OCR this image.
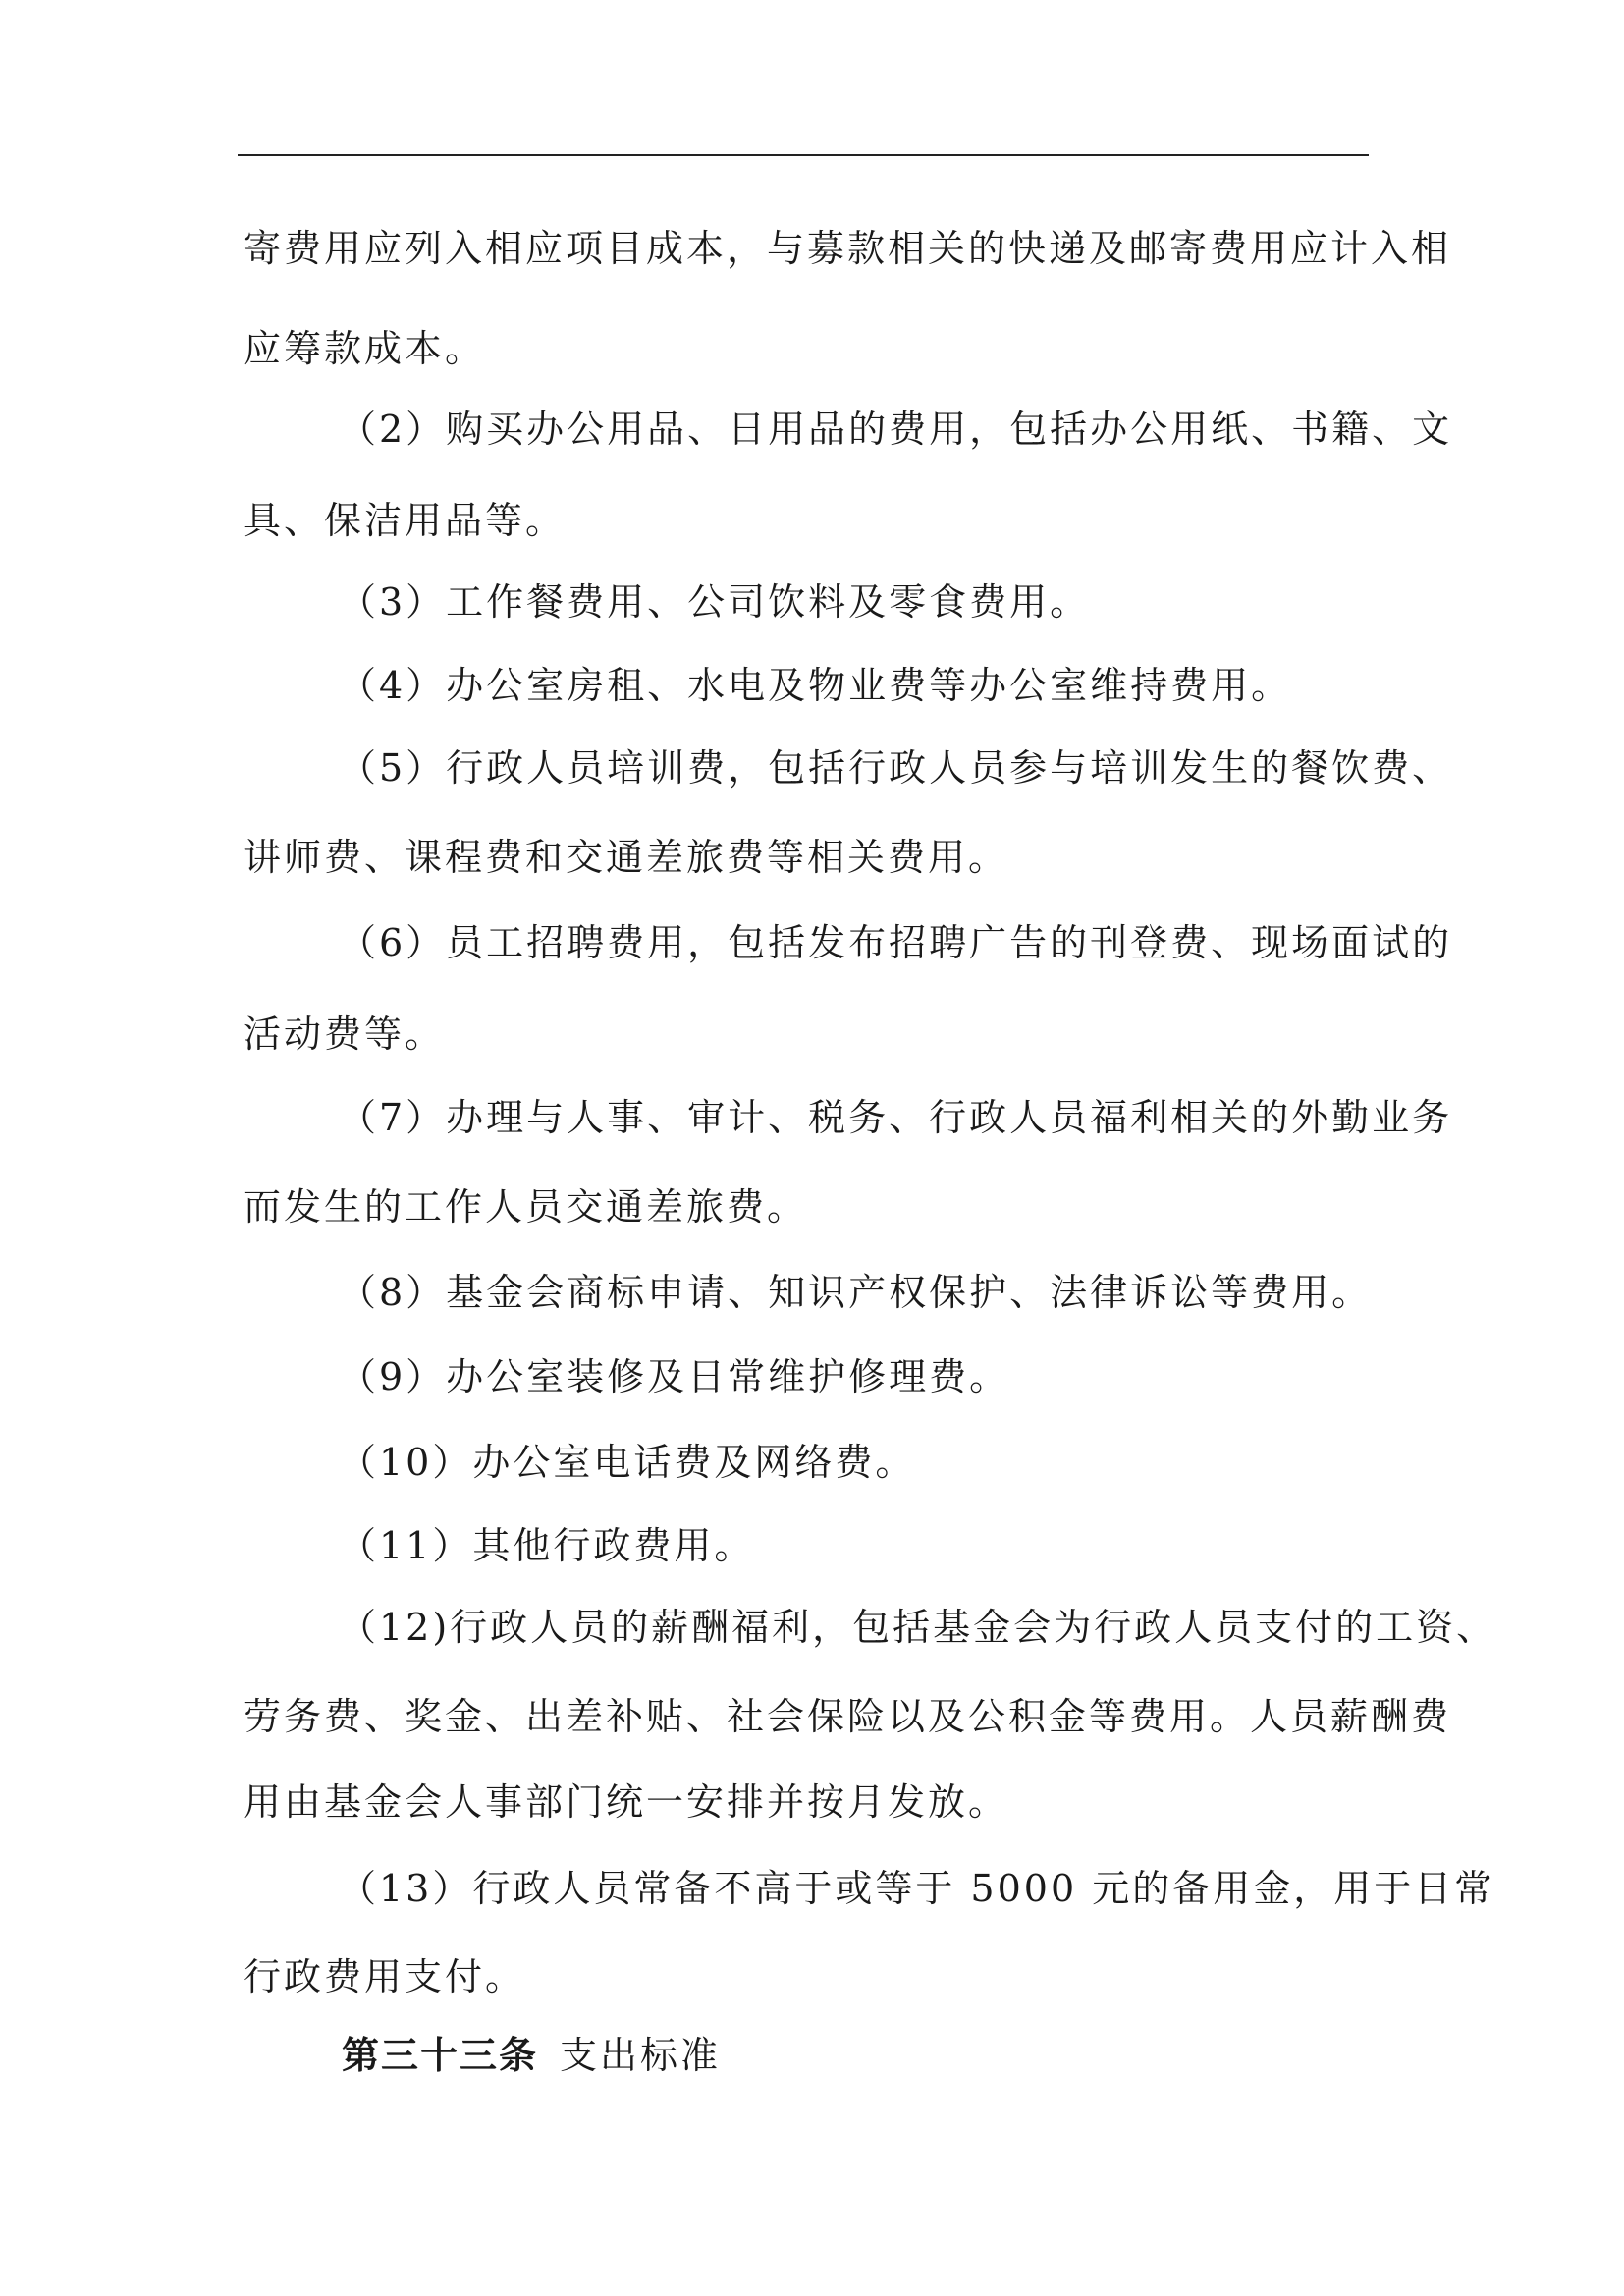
寄费用应列入相应项目成本，与募款相关的快递及邮寄费用应计入相
应筹款成本。
（2）购买办公用品、日用品的费用，包括办公用纸、书籍、文
具、保洁用品等。
（3）工作餐费用、公司饮料及零食费用。
（4）办公室房租、水电及物业费等办公室维持费用。
（5）行政人员培训费，包括行政人员参与培训发生的餐饮费、
讲师费、课程费和交通差旅费等相关费用。
（6）员工招聘费用，包括发布招聘广告的刊登费、现场面试的
活动费等。
（7）办理与人事、审计、税务、行政人员福利相关的外勤业务
而发生的工作人员交通差旅费。
（8）基金会商标申请、知识产权保护、法律诉讼等费用。
（9）办公室装修及日常维护修理费。
（10）办公室电话费及网络费。
（11）其他行政费用。
（12)行政人员的薪酬福利，包括基金会为行政人员支付的工资、
劳务费、奖金、出差补贴、社会保险以及公积金等费用。人员薪酬费
用由基金会人事部门统一安排并按月发放。
（13）行政人员常备不高于或等于 5000 元的备用金，用于日常
行政费用支付。
第三十三条 支出标准
